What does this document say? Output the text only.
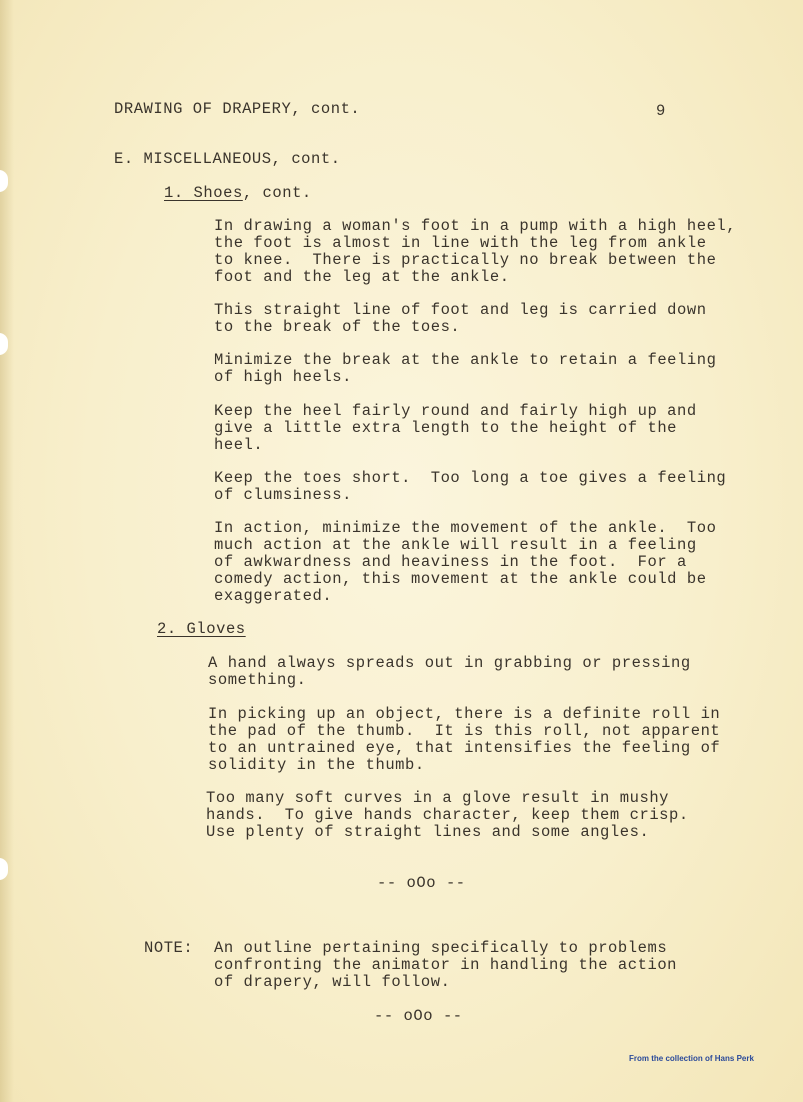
DRAWING OF DRAPERY, cont.	9
E. MISCELLANEOUS, cont.
1. Shoes, cont.
In drawing a woman's foot in a pump with a high heel,
the foot is almost in line with the leg from ankle
to knee.  There is practically no break between the
foot and the leg at the ankle.
This straight line of foot and leg is carried down
to the break of the toes.
Minimize the break at the ankle to retain a feeling
of high heels.
Keep the heel fairly round and fairly high up and
give a little extra length to the height of the
heel.
Keep the toes short.  Too long a toe gives a feeling
of clumsiness.
In action, minimize the movement of the ankle.  Too
much action at the ankle will result in a feeling
of awkwardness and heaviness in the foot.  For a
comedy action, this movement at the ankle could be
exaggerated.
2. Gloves
A hand always spreads out in grabbing or pressing
something.
In picking up an object, there is a definite roll in
the pad of the thumb.  It is this roll, not apparent
to an untrained eye, that intensifies the feeling of
solidity in the thumb.
Too many soft curves in a glove result in mushy
hands.  To give hands character, keep them crisp.
Use plenty of straight lines and some angles.
-- oOo --
NOTE: An outline pertaining specifically to problems
confronting the animator in handling the action
of drapery, will follow.
-- oOo --
From the collection of Hans Perk
